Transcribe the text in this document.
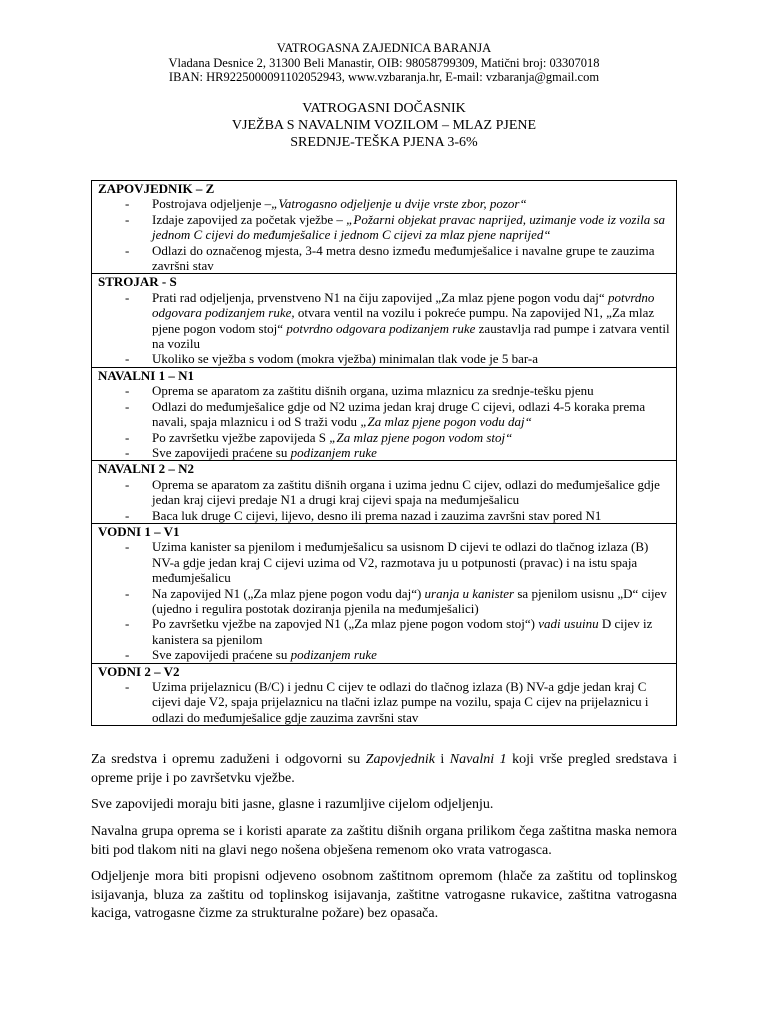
VATROGASNA ZAJEDNICA BARANJA
Vladana Desnice 2, 31300 Beli Manastir, OIB: 98058799309, Matični broj: 03307018
IBAN: HR9225000091102052943, www.vzbaranja.hr, E-mail: vzbaranja@gmail.com
VATROGASNI DOČASNIK
VJEŽBA S NAVALNIM VOZILOM – MLAZ PJENE
SREDNJE-TEŠKA PJENA 3-6%
ZAPOVJEDNIK – Z
- Postrojava odjeljenje –„Vatrogasno odjeljenje u dvije vrste zbor, pozor“
- Izdaje zapovijed za početak vježbe – „Požarni objekat pravac naprijed, uzimanje vode iz vozila sa jednom C cijevi do međumješalice i jednom C cijevi za mlaz pjene naprijed“
- Odlazi do označenog mjesta, 3-4 metra desno između međumješalice i navalne grupe te zauzima završni stav

STROJAR - S
- Prati rad odjeljenja, prvenstveno N1 na čiju zapovijed „Za mlaz pjene pogon vodu daj“ potvrdno odgovara podizanjem ruke, otvara ventil na vozilu i pokreće pumpu. Na zapovijed N1, „Za mlaz pjene pogon vodom stoj“ potvrdno odgovara podizanjem ruke zaustavlja rad pumpe i zatvara ventil na vozilu
- Ukoliko se vježba s vodom (mokra vježba) minimalan tlak vode je 5 bar-a

NAVALNI 1 – N1
- Oprema se aparatom za zaštitu dišnih organa, uzima mlaznicu za srednje-tešku pjenu
- Odlazi do međumješalice gdje od N2 uzima jedan kraj druge C cijevi, odlazi 4-5 koraka prema navali, spaja mlaznicu i od S traži vodu „Za mlaz pjene pogon vodu daj“
- Po završetku vježbe zapovijeda S „Za mlaz pjene pogon vodom stoj“
- Sve zapovijedi praćene su podizanjem ruke

NAVALNI 2 – N2
- Oprema se aparatom za zaštitu dišnih organa i uzima jednu C cijev, odlazi do međumješalice gdje jedan kraj cijevi predaje N1 a drugi kraj cijevi spaja na međumješalicu
- Baca luk druge C cijevi, lijevo, desno ili prema nazad i zauzima završni stav pored N1

VODNI 1 – V1
- Uzima kanister sa pjenilom i međumješalicu sa usisnom D cijevi te odlazi do tlačnog izlaza (B) NV-a gdje jedan kraj C cijevi uzima od V2, razmotava ju u potpunosti (pravac) i na istu spaja međumješalicu
- Na zapovijed N1 („Za mlaz pjene pogon vodu daj“) uranja u kanister sa pjenilom usisnu „D“ cijev (ujedno i regulira postotak doziranja pjenila na međumješalici)
- Po završetku vježbe na zapovjed N1 („Za mlaz pjene pogon vodom stoj“) vadi usuinu D cijev iz kanistera sa pjenilom
- Sve zapovijedi praćene su podizanjem ruke

VODNI 2 – V2
- Uzima prijelaznicu (B/C) i jednu C cijev te odlazi do tlačnog izlaza (B) NV-a gdje jedan kraj C cijevi daje V2, spaja prijelaznicu na tlačni izlaz pumpe na vozilu, spaja C cijev na prijelaznicu i odlazi do međumješalice gdje zauzima završni stav
Za sredstva i opremu zaduženi i odgovorni su Zapovjednik i Navalni 1 koji vrše pregled sredstava i opreme prije i po završetvku vježbe.
Sve zapovijedi moraju biti jasne, glasne i razumljive cijelom odjeljenju.
Navalna grupa oprema se i koristi aparate za zaštitu dišnih organa prilikom čega zaštitna maska nemora biti pod tlakom niti na glavi nego nošena obješena remenom oko vrata vatrogasca.
Odjeljenje mora biti propisni odjeveno osobnom zaštitnom opremom (hlače za zaštitu od toplinskog isijavanja, bluza za zaštitu od toplinskog isijavanja, zaštitne vatrogasne rukavice, zaštitna vatrogasna kaciga, vatrogasne čizme za strukturalne požare) bez opasača.
